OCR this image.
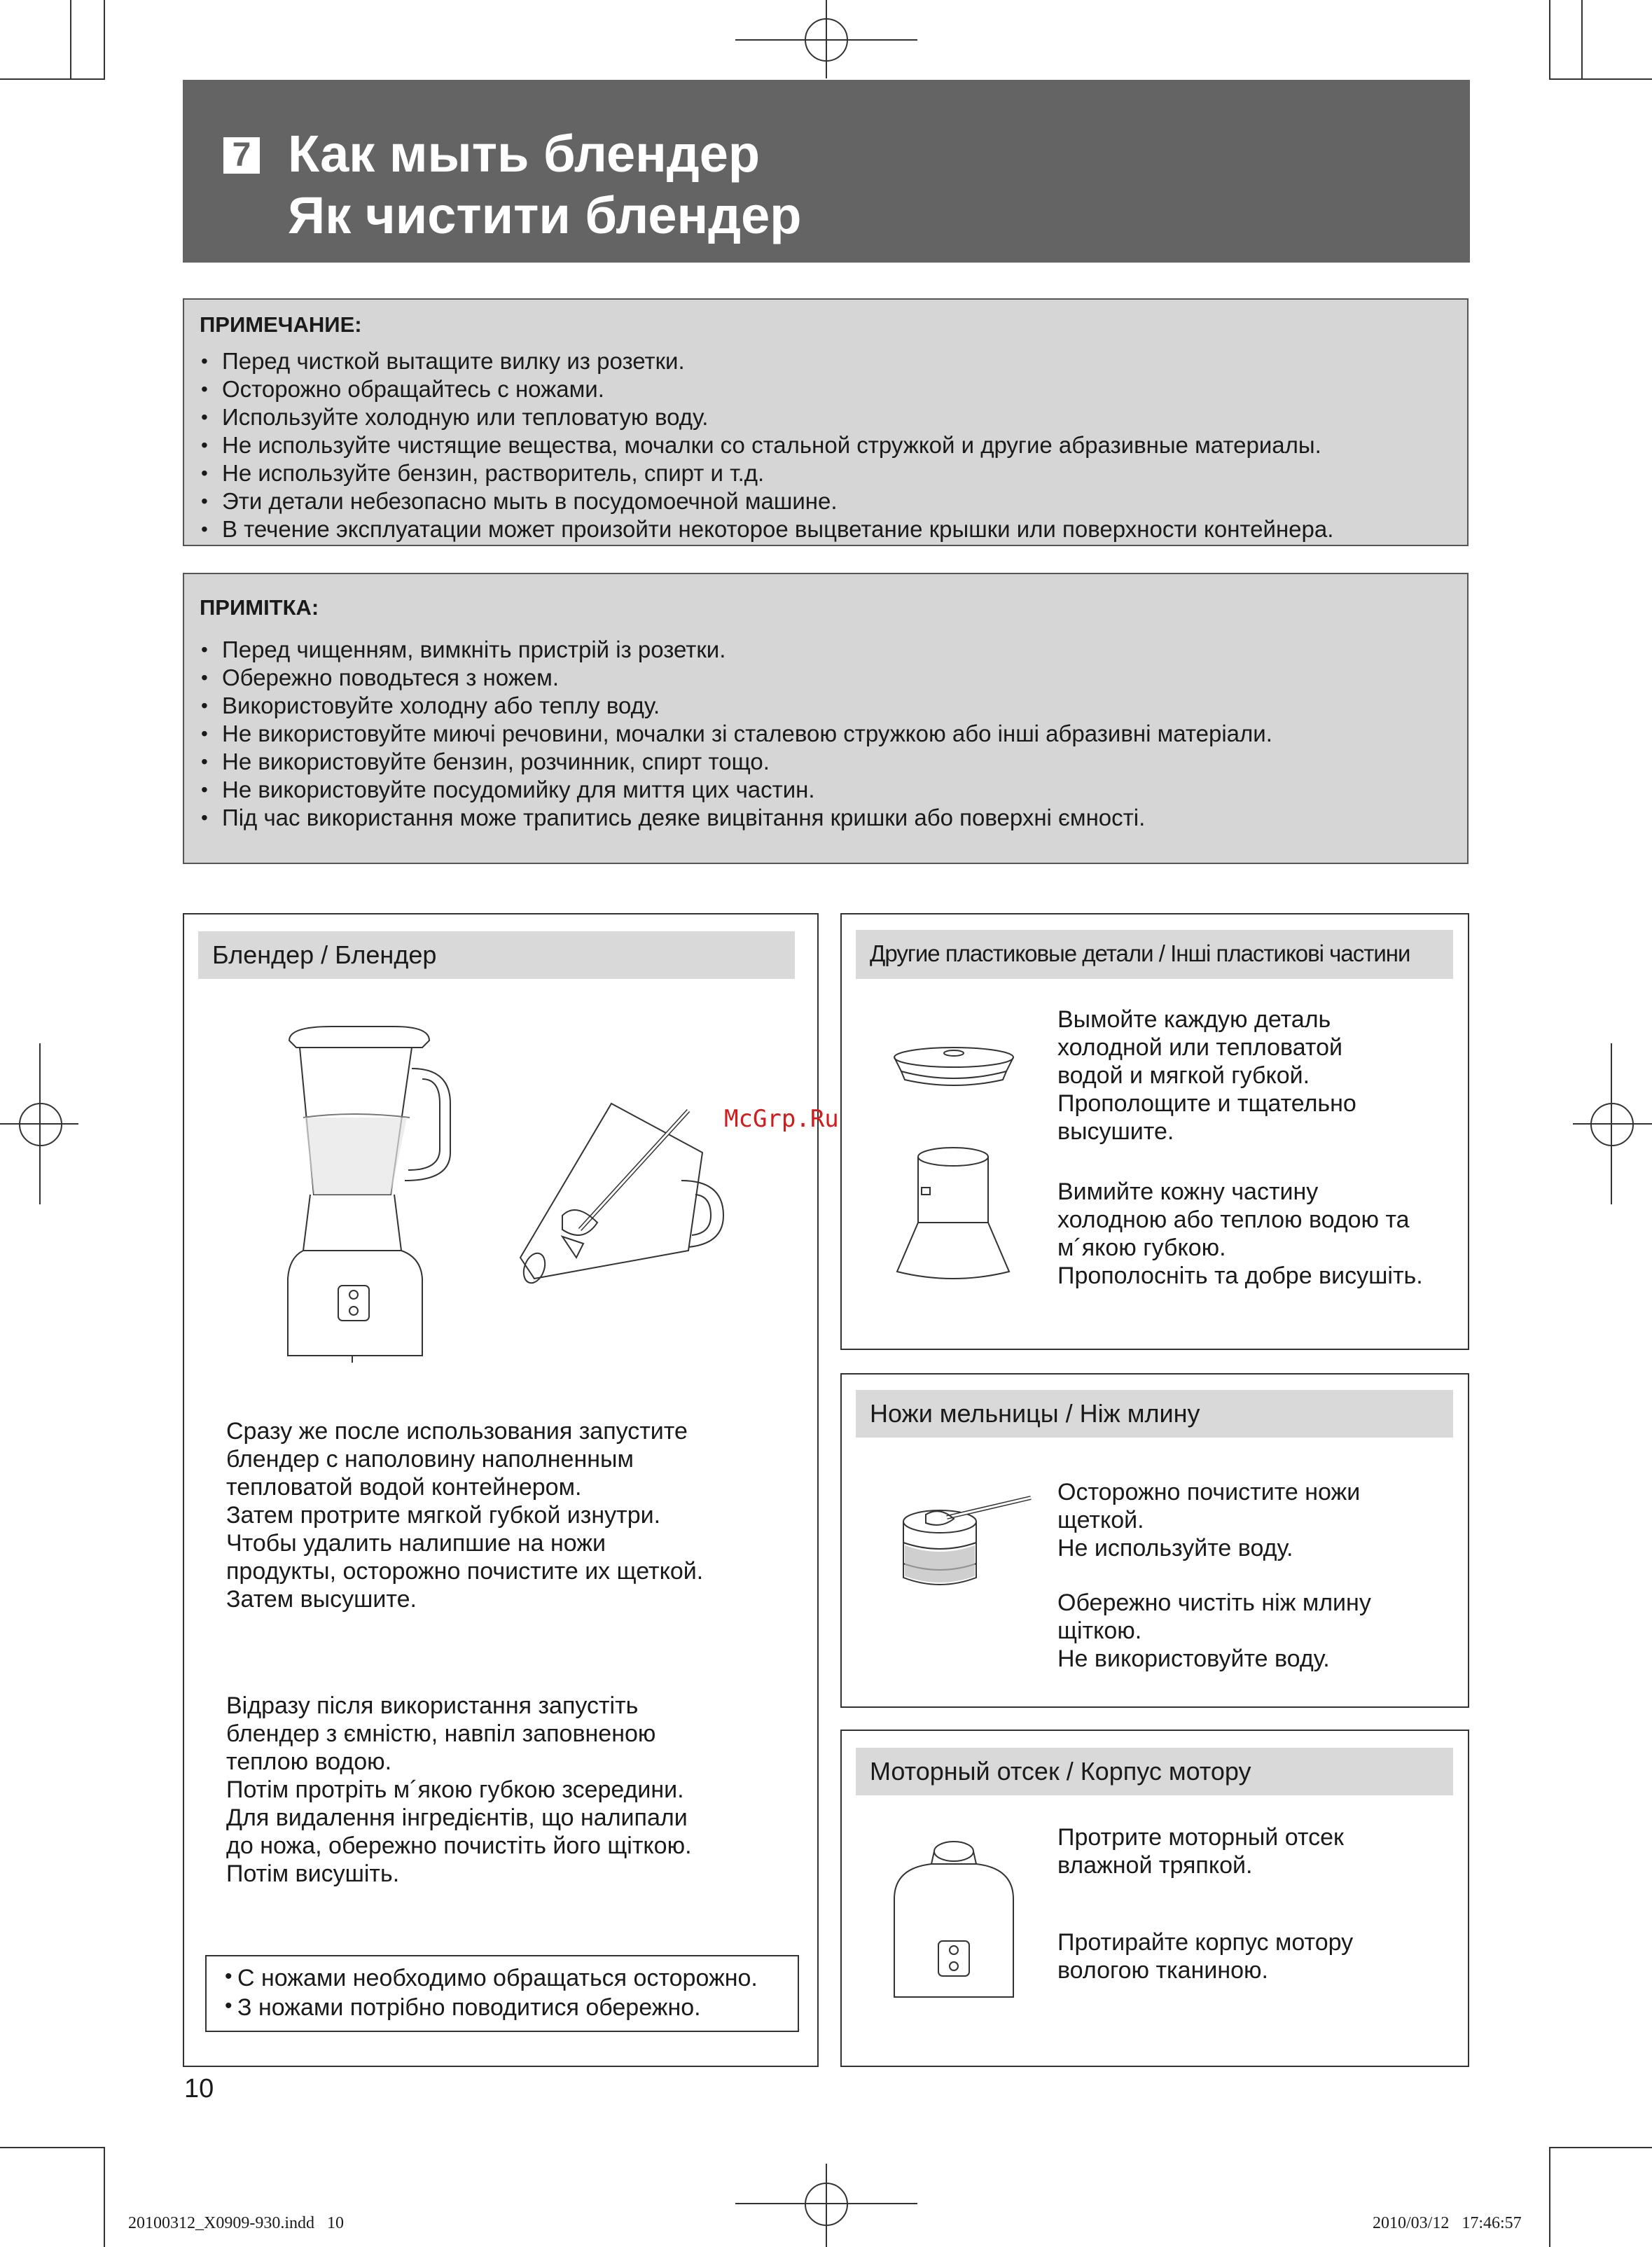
7 Как мыть блендер
Як чистити блендер
ПРИМЕЧАНИЕ:
Перед чисткой вытащите вилку из розетки.
Осторожно обращайтесь с ножами.
Используйте холодную или тепловатую воду.
Не используйте чистящие вещества, мочалки со стальной стружкой и другие абразивные материалы.
Не используйте бензин, растворитель, спирт и т.д.
Эти детали небезопасно мыть в посудомоечной машине.
В течение эксплуатации может произойти некоторое выцветание крышки или поверхности контейнера.
ПРИМІТКА:
Перед чищенням, вимкніть пристрій із розетки.
Обережно поводьтеся з ножем.
Використовуйте холодну або теплу воду.
Не використовуйте миючі речовини, мочалки зі сталевою стружкою або інші абразивні матеріали.
Не використовуйте бензин, розчинник, спирт тощо.
Не використовуйте посудомийку для миття цих частин.
Під час використання може трапитись деяке вицвітання кришки або поверхні ємності.
Блендер / Блендер
Сразу же после использования запустите
блендер с наполовину наполненным
тепловатой водой контейнером.
Затем протрите мягкой губкой изнутри.
Чтобы удалить налипшие на ножи
продукты, осторожно почистите их щеткой.
Затем высушите.
Відразу після використання запустіть
блендер з ємністю, навпіл заповненою
теплою водою.
Потім протріть м´якою губкою зсередини.
Для видалення інгредієнтів, що налипали
до ножа, обережно почистіть його щіткою.
Потім висушіть.
• С ножами необходимо обращаться осторожно.
• З ножами потрібно поводитися обережно.
Другие пластиковые детали / Інші пластикові частини
Вымойте каждую деталь
холодной или тепловатой
водой и мягкой губкой.
Прополощите и тщательно
высушите.
Вимийте кожну частину
холодною або теплою водою та
м´якою губкою.
Прополосніть та добре висушіть.
Ножи мельницы / Ніж млину
Осторожно почистите ножи
щеткой.
Не используйте воду.
Обережно чистіть ніж млину
щіткою.
Не використовуйте воду.
Моторный отсек / Корпус мотору
Протрите моторный отсек
влажной тряпкой.
Протирайте корпус мотору
вологою тканиною.
McGrp.Ru
10
20100312_X0909-930.indd   10	2010/03/12   17:46:57
